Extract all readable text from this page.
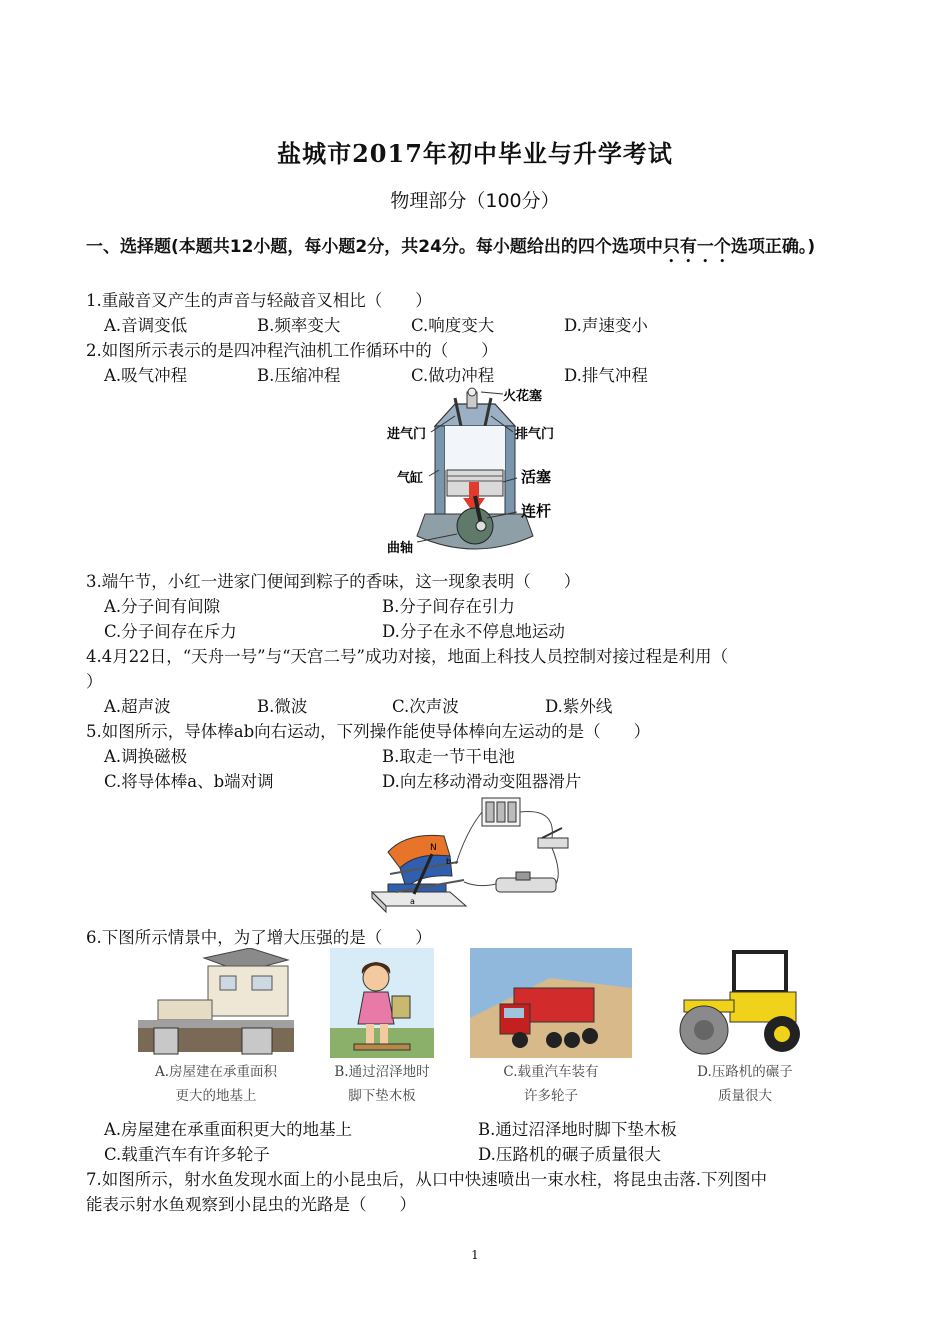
盐城市2017年初中毕业与升学考试
物理部分（100分）
一、选择题(本题共12小题，每小题2分，共24分。每小题给出的四个选项中只有一个选项正确。)
1.重敲音叉产生的声音与轻敲音叉相比（　　）
A.音调变低	B.频率变大	C.响度变大	D.声速变小
2.如图所示表示的是四冲程汽油机工作循环中的（　　）
A.吸气冲程	B.压缩冲程	C.做功冲程	D.排气冲程
火花塞
进气门	排气门
气缸	活塞
连杆
曲轴
3.端午节，小红一进家门便闻到粽子的香味，这一现象表明（　　）
A.分子间有间隙	B.分子间存在引力
C.分子间存在斥力	D.分子在永不停息地运动
4.4月22日，“天舟一号”与“天宫二号”成功对接，地面上科技人员控制对接过程是利用（
）
A.超声波	B.微波	C.次声波	D.紫外线
5.如图所示，导体棒ab向右运动，下列操作能使导体棒向左运动的是（　　）
A.调换磁极	B.取走一节干电池
C.将导体棒a、b端对调	D.向左移动滑动变阻器滑片
N
b
a
6.下图所示情景中，为了增大压强的是（　　）
A.房屋建在承重面积
更大的地基上
B.通过沼泽地时
脚下垫木板
C.载重汽车装有
许多轮子
D.压路机的碾子
质量很大
A.房屋建在承重面积更大的地基上	B.通过沼泽地时脚下垫木板
C.载重汽车有许多轮子	D.压路机的碾子质量很大
7.如图所示，射水鱼发现水面上的小昆虫后，从口中快速喷出一束水柱，将昆虫击落.下列图中
能表示射水鱼观察到小昆虫的光路是（　　）
1
